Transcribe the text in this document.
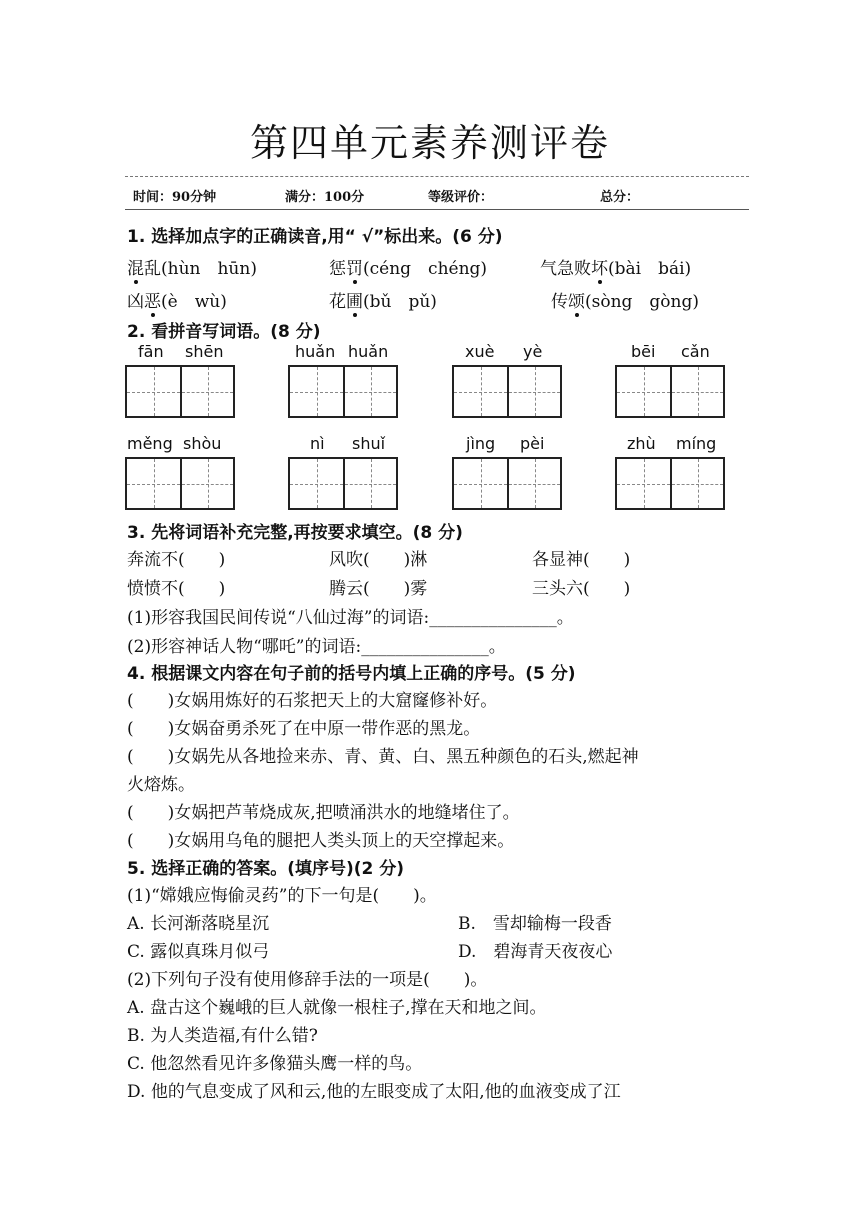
第四单元素养测评卷
时间：90分钟	满分：100分	等级评价：	总分：
1. 选择加点字的正确读音,用“ √”标出来。(6 分)
混乱(hùn　hūn)	惩罚(céng　chéng)	气急败坏(bài　bái)
凶恶(è　wù)	花圃(bǔ　pǔ)	传颂(sòng　gòng)
2. 看拼音写词语。(8 分)
fān shēn	huǎn huǎn	xuè yè	bēi cǎn
měng shòu	nì shuǐ	jìng pèi	zhù míng
3. 先将词语补充完整,再按要求填空。(8 分)
奔流不(　　)	风吹(　　)淋	各显神(　　)
愤愤不(　　)	腾云(　　)雾	三头六(　　)
(1)形容我国民间传说“八仙过海”的词语:_______________。
(2)形容神话人物“哪吒”的词语:_______________。
4. 根据课文内容在句子前的括号内填上正确的序号。(5 分)
(　　)女娲用炼好的石浆把天上的大窟窿修补好。
(　　)女娲奋勇杀死了在中原一带作恶的黑龙。
(　　)女娲先从各地捡来赤、青、黄、白、黑五种颜色的石头,燃起神
火熔炼。
(　　)女娲把芦苇烧成灰,把喷涌洪水的地缝堵住了。
(　　)女娲用乌龟的腿把人类头顶上的天空撑起来。
5. 选择正确的答案。(填序号)(2 分)
(1)“嫦娥应悔偷灵药”的下一句是(　　)。
A. 长河渐落晓星沉	B.　雪却输梅一段香
C. 露似真珠月似弓	D.　碧海青天夜夜心
(2)下列句子没有使用修辞手法的一项是(　　)。
A. 盘古这个巍峨的巨人就像一根柱子,撑在天和地之间。
B. 为人类造福,有什么错?
C. 他忽然看见许多像猫头鹰一样的鸟。
D. 他的气息变成了风和云,他的左眼变成了太阳,他的血液变成了江
